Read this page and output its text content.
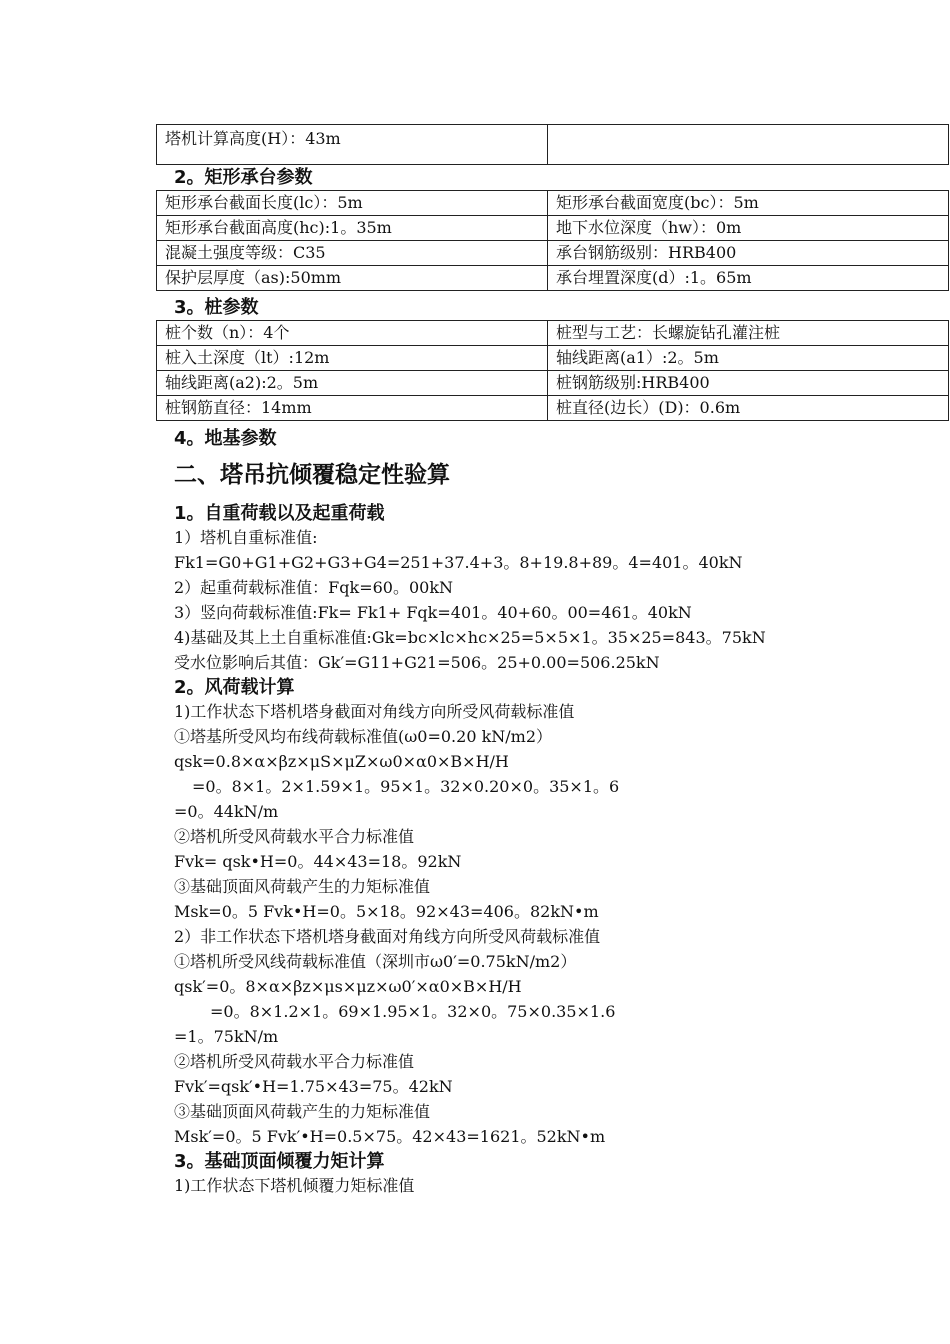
塔机计算高度(H）：43m	
2。矩形承台参数
矩形承台截面长度(lc）：5m	矩形承台截面宽度(bc）：5m
矩形承台截面高度(hc):1。35m	地下水位深度（hw）：0m
混凝土强度等级：C35	承台钢筋级别：HRB400
保护层厚度（as):50mm	承台埋置深度(d）:1。65m
3。桩参数
桩个数（n）：4个	桩型与工艺：长螺旋钻孔灌注桩
桩入土深度（lt）:12m	轴线距离(a1）:2。5m
轴线距离(a2):2。5m	桩钢筋级别:HRB400
桩钢筋直径：14mm	桩直径(边长）(D)：0.6m
4。地基参数
二、塔吊抗倾覆稳定性验算
1。自重荷载以及起重荷载
1）塔机自重标准值:
Fk1=G0+G1+G2+G3+G4=251+37.4+3。8+19.8+89。4=401。40kN
2）起重荷载标准值：Fqk=60。00kN
3）竖向荷载标准值:Fk= Fk1+ Fqk=401。40+60。00=461。40kN
4)基础及其上土自重标准值:Gk=bc×lc×hc×25=5×5×1。35×25=843。75kN
受水位影响后其值：Gk′=G11+G21=506。25+0.00=506.25kN
2。风荷载计算
1)工作状态下塔机塔身截面对角线方向所受风荷载标准值
①塔基所受风均布线荷载标准值(ω0=0.20 kN/m2）
qsk=0.8×α×βz×μS×μZ×ω0×α0×B×H/H
=0。8×1。2×1.59×1。95×1。32×0.20×0。35×1。6
=0。44kN/m
②塔机所受风荷载水平合力标准值
Fvk= qsk•H=0。44×43=18。92kN
③基础顶面风荷载产生的力矩标准值
Msk=0。5 Fvk•H=0。5×18。92×43=406。82kN•m
2）非工作状态下塔机塔身截面对角线方向所受风荷载标准值
①塔机所受风线荷载标准值（深圳市ω0′=0.75kN/m2）
qsk′=0。8×α×βz×μs×μz×ω0′×α0×B×H/H
=0。8×1.2×1。69×1.95×1。32×0。75×0.35×1.6
=1。75kN/m
②塔机所受风荷载水平合力标准值
Fvk′=qsk′•H=1.75×43=75。42kN
③基础顶面风荷载产生的力矩标准值
Msk′=0。5 Fvk′•H=0.5×75。42×43=1621。52kN•m
3。基础顶面倾覆力矩计算
1)工作状态下塔机倾覆力矩标准值
